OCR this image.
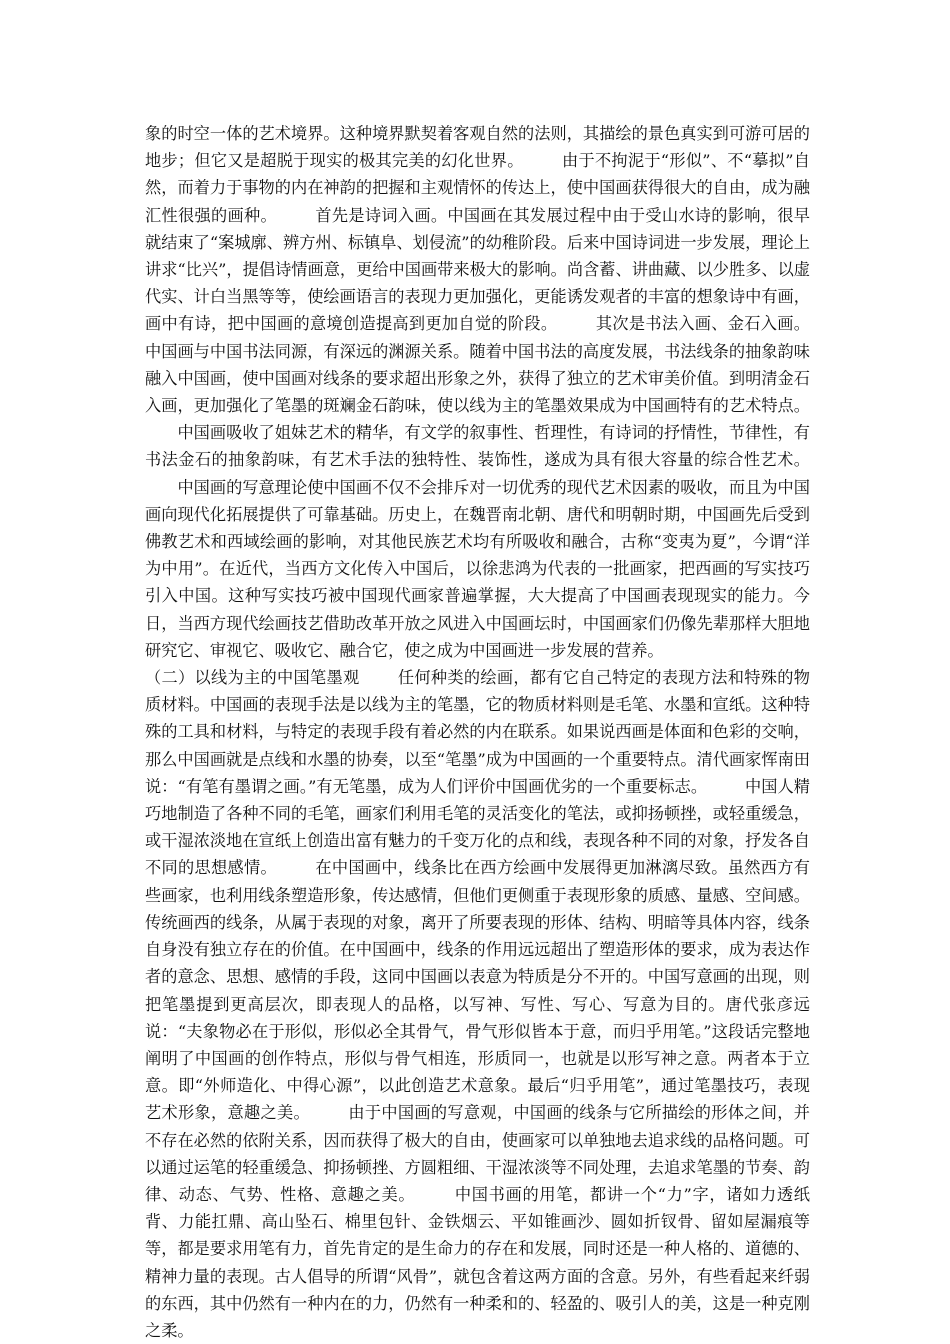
象的时空一体的艺术境界。这种境界默契着客观自然的法则，其描绘的景色真实到可游可居的地步；但它又是超脱于现实的极其完美的幻化世界。 　　由于不拘泥于“形似”、不“摹拟”自然，而着力于事物的内在神韵的把握和主观情怀的传达上，使中国画获得很大的自由，成为融汇性很强的画种。 　　首先是诗词入画。中国画在其发展过程中由于受山水诗的影响，很早就结束了“案城廓、辨方州、标镇阜、划侵流”的幼稚阶段。后来中国诗词进一步发展，理论上讲求“比兴”，提倡诗情画意，更给中国画带来极大的影响。尚含蓄、讲曲藏、以少胜多、以虚代实、计白当黑等等，使绘画语言的表现力更加强化，更能诱发观者的丰富的想象诗中有画，画中有诗，把中国画的意境创造提高到更加自觉的阶段。 　　其次是书法入画、金石入画。中国画与中国书法同源，有深远的渊源关系。随着中国书法的高度发展，书法线条的抽象韵味融入中国画，使中国画对线条的要求超出形象之外，获得了独立的艺术审美价值。到明清金石入画，更加强化了笔墨的斑斓金石韵味，使以线为主的笔墨效果成为中国画特有的艺术特点。 　　中国画吸收了姐妹艺术的精华，有文学的叙事性、哲理性，有诗词的抒情性，节律性，有书法金石的抽象韵味，有艺术手法的独特性、装饰性，遂成为具有很大容量的综合性艺术。 　　中国画的写意理论使中国画不仅不会排斥对一切优秀的现代艺术因素的吸收，而且为中国画向现代化拓展提供了可靠基础。历史上，在魏晋南北朝、唐代和明朝时期，中国画先后受到佛教艺术和西域绘画的影响，对其他民族艺术均有所吸收和融合，古称“变夷为夏”，今谓“洋为中用”。在近代，当西方文化传入中国后，以徐悲鸿为代表的一批画家，把西画的写实技巧引入中国。这种写实技巧被中国现代画家普遍掌握，大大提高了中国画表现现实的能力。今日，当西方现代绘画技艺借助改革开放之风进入中国画坛时，中国画家们仍像先辈那样大胆地研究它、审视它、吸收它、融合它，使之成为中国画进一步发展的营养。

（二）以线为主的中国笔墨观 　　任何种类的绘画，都有它自己特定的表现方法和特殊的物质材料。中国画的表现手法是以线为主的笔墨，它的物质材料则是毛笔、水墨和宣纸。这种特殊的工具和材料，与特定的表现手段有着必然的内在联系。如果说西画是体面和色彩的交响，那么中国画就是点线和水墨的协奏，以至“笔墨”成为中国画的一个重要特点。清代画家恽南田说：“有笔有墨谓之画。”有无笔墨，成为人们评价中国画优劣的一个重要标志。 　　中国人精巧地制造了各种不同的毛笔，画家们利用毛笔的灵活变化的笔法，或抑扬顿挫，或轻重缓急，或干湿浓淡地在宣纸上创造出富有魅力的千变万化的点和线，表现各种不同的对象，抒发各自不同的思想感情。 　　在中国画中，线条比在西方绘画中发展得更加淋漓尽致。虽然西方有些画家，也利用线条塑造形象，传达感情，但他们更侧重于表现形象的质感、量感、空间感。传统画西的线条，从属于表现的对象，离开了所要表现的形体、结构、明暗等具体内容，线条自身没有独立存在的价值。在中国画中，线条的作用远远超出了塑造形体的要求，成为表达作者的意念、思想、感情的手段，这同中国画以表意为特质是分不开的。中国写意画的出现，则把笔墨提到更高层次，即表现人的品格，以写神、写性、写心、写意为目的。唐代张彦远说：“夫象物必在于形似，形似必全其骨气，骨气形似皆本于意，而归乎用笔。”这段话完整地阐明了中国画的创作特点，形似与骨气相连，形质同一，也就是以形写神之意。两者本于立意。即“外师造化、中得心源”，以此创造艺术意象。最后“归乎用笔”，通过笔墨技巧，表现艺术形象，意趣之美。 　　由于中国画的写意观，中国画的线条与它所描绘的形体之间，并不存在必然的依附关系，因而获得了极大的自由，使画家可以单独地去追求线的品格问题。可以通过运笔的轻重缓急、抑扬顿挫、方圆粗细、干湿浓淡等不同处理，去追求笔墨的节奏、韵律、动态、气势、性格、意趣之美。 　　中国书画的用笔，都讲一个“力”字，诸如力透纸背、力能扛鼎、高山坠石、棉里包针、金铁烟云、平如锥画沙、圆如折钗骨、留如屋漏痕等等，都是要求用笔有力，首先肯定的是生命力的存在和发展，同时还是一种人格的、道德的、精神力量的表现。古人倡导的所谓“风骨”，就包含着这两方面的含意。另外，有些看起来纤弱的东西，其中仍然有一种内在的力，仍然有一种柔和的、轻盈的、吸引人的美，这是一种克刚之柔。
